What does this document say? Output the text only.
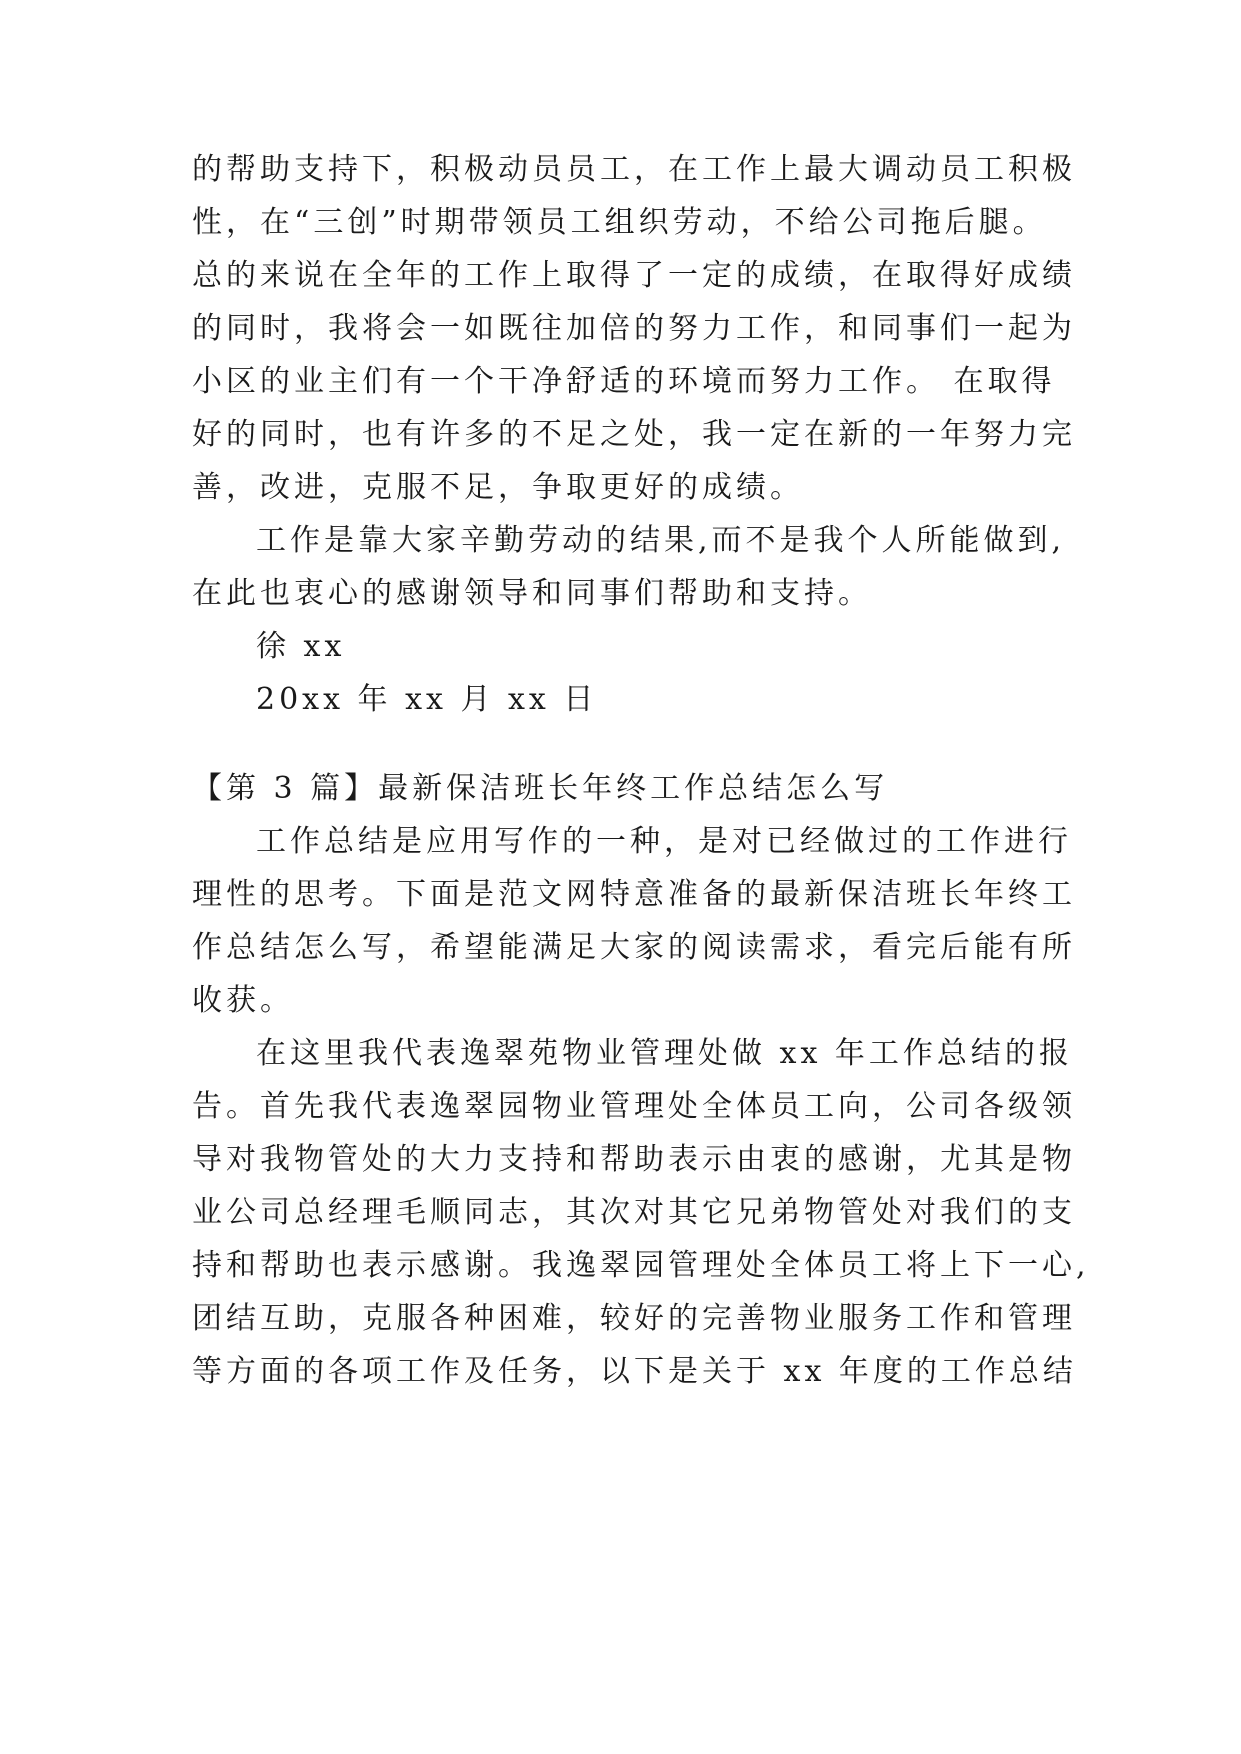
的帮助支持下，积极动员员工，在工作上最大调动员工积极
性，在“三创”时期带领员工组织劳动，不给公司拖后腿。
总的来说在全年的工作上取得了一定的成绩，在取得好成绩
的同时，我将会一如既往加倍的努力工作，和同事们一起为
小区的业主们有一个干净舒适的环境而努力工作。 在取得
好的同时，也有许多的不足之处，我一定在新的一年努力完
善，改进，克服不足，争取更好的成绩。
工作是靠大家辛勤劳动的结果,而不是我个人所能做到,
在此也衷心的感谢领导和同事们帮助和支持。
徐 xx
20xx 年 xx 月 xx 日
【第 3 篇】最新保洁班长年终工作总结怎么写
工作总结是应用写作的一种，是对已经做过的工作进行
理性的思考。下面是范文网特意准备的最新保洁班长年终工
作总结怎么写，希望能满足大家的阅读需求，看完后能有所
收获。
在这里我代表逸翠苑物业管理处做 xx 年工作总结的报
告。首先我代表逸翠园物业管理处全体员工向，公司各级领
导对我物管处的大力支持和帮助表示由衷的感谢，尤其是物
业公司总经理毛顺同志，其次对其它兄弟物管处对我们的支
持和帮助也表示感谢。我逸翠园管理处全体员工将上下一心,
团结互助，克服各种困难，较好的完善物业服务工作和管理
等方面的各项工作及任务，以下是关于 xx 年度的工作总结
